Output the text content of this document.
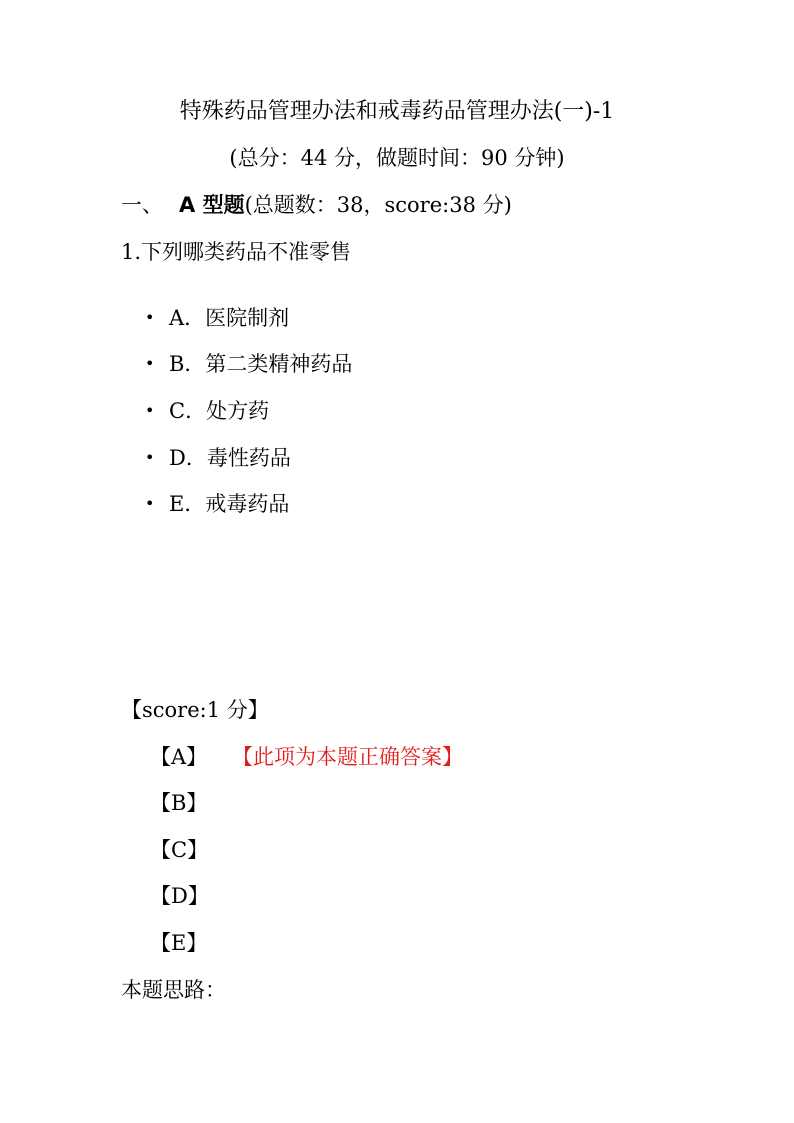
特殊药品管理办法和戒毒药品管理办法(一)-1
(总分：44 分，做题时间：90 分钟)
一、 A 型题(总题数：38，score:38 分)
1.下列哪类药品不准零售
• A．医院制剂
• B．第二类精神药品
• C．处方药
• D．毒性药品
• E．戒毒药品
【score:1 分】
【A】 【此项为本题正确答案】
【B】
【C】
【D】
【E】
本题思路：
